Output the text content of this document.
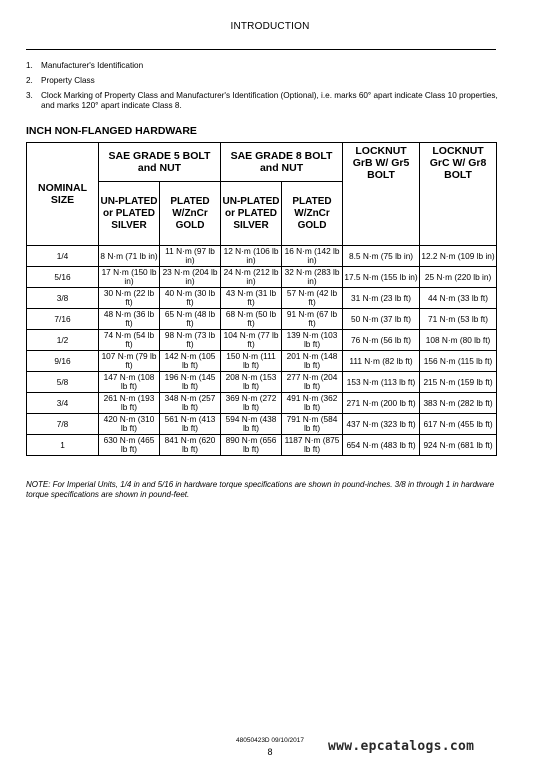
INTRODUCTION
1. Manufacturer's Identification
2. Property Class
3. Clock Marking of Property Class and Manufacturer's Identification (Optional), i.e. marks 60° apart indicate Class 10 properties, and marks 120° apart indicate Class 8.
INCH NON-FLANGED HARDWARE
NOMINAL SIZE	SAE GRADE 5 BOLT and NUT		SAE GRADE 8 BOLT and NUT		LOCKNUT GrB W/ Gr5 BOLT	LOCKNUT GrC W/ Gr8 BOLT
	UN-PLATED or PLATED SILVER	PLATED W/ZnCr GOLD	UN-PLATED or PLATED SILVER	PLATED W/ZnCr GOLD		
1/4	8 N·m (71 lb in)	11 N·m (97 lb in)	12 N·m (106 lb in)	16 N·m (142 lb in)	8.5 N·m (75 lb in)	12.2 N·m (109 lb in)
5/16	17 N·m (150 lb in)	23 N·m (204 lb in)	24 N·m (212 lb in)	32 N·m (283 lb in)	17.5 N·m (155 lb in)	25 N·m (220 lb in)
3/8	30 N·m (22 lb ft)	40 N·m (30 lb ft)	43 N·m (31 lb ft)	57 N·m (42 lb ft)	31 N·m (23 lb ft)	44 N·m (33 lb ft)
7/16	48 N·m (36 lb ft)	65 N·m (48 lb ft)	68 N·m (50 lb ft)	91 N·m (67 lb ft)	50 N·m (37 lb ft)	71 N·m (53 lb ft)
1/2	74 N·m (54 lb ft)	98 N·m (73 lb ft)	104 N·m (77 lb ft)	139 N·m (103 lb ft)	76 N·m (56 lb ft)	108 N·m (80 lb ft)
9/16	107 N·m (79 lb ft)	142 N·m (105 lb ft)	150 N·m (111 lb ft)	201 N·m (148 lb ft)	111 N·m (82 lb ft)	156 N·m (115 lb ft)
5/8	147 N·m (108 lb ft)	196 N·m (145 lb ft)	208 N·m (153 lb ft)	277 N·m (204 lb ft)	153 N·m (113 lb ft)	215 N·m (159 lb ft)
3/4	261 N·m (193 lb ft)	348 N·m (257 lb ft)	369 N·m (272 lb ft)	491 N·m (362 lb ft)	271 N·m (200 lb ft)	383 N·m (282 lb ft)
7/8	420 N·m (310 lb ft)	561 N·m (413 lb ft)	594 N·m (438 lb ft)	791 N·m (584 lb ft)	437 N·m (323 lb ft)	617 N·m (455 lb ft)
1	630 N·m (465 lb ft)	841 N·m (620 lb ft)	890 N·m (656 lb ft)	1187 N·m (875 lb ft)	654 N·m (483 lb ft)	924 N·m (681 lb ft)
NOTE: For Imperial Units, 1/4 in and 5/16 in hardware torque specifications are shown in pound-inches. 3/8 in through 1 in hardware torque specifications are shown in pound-feet.
48050423D 09/10/2017
8	www.epcatalogs.com
